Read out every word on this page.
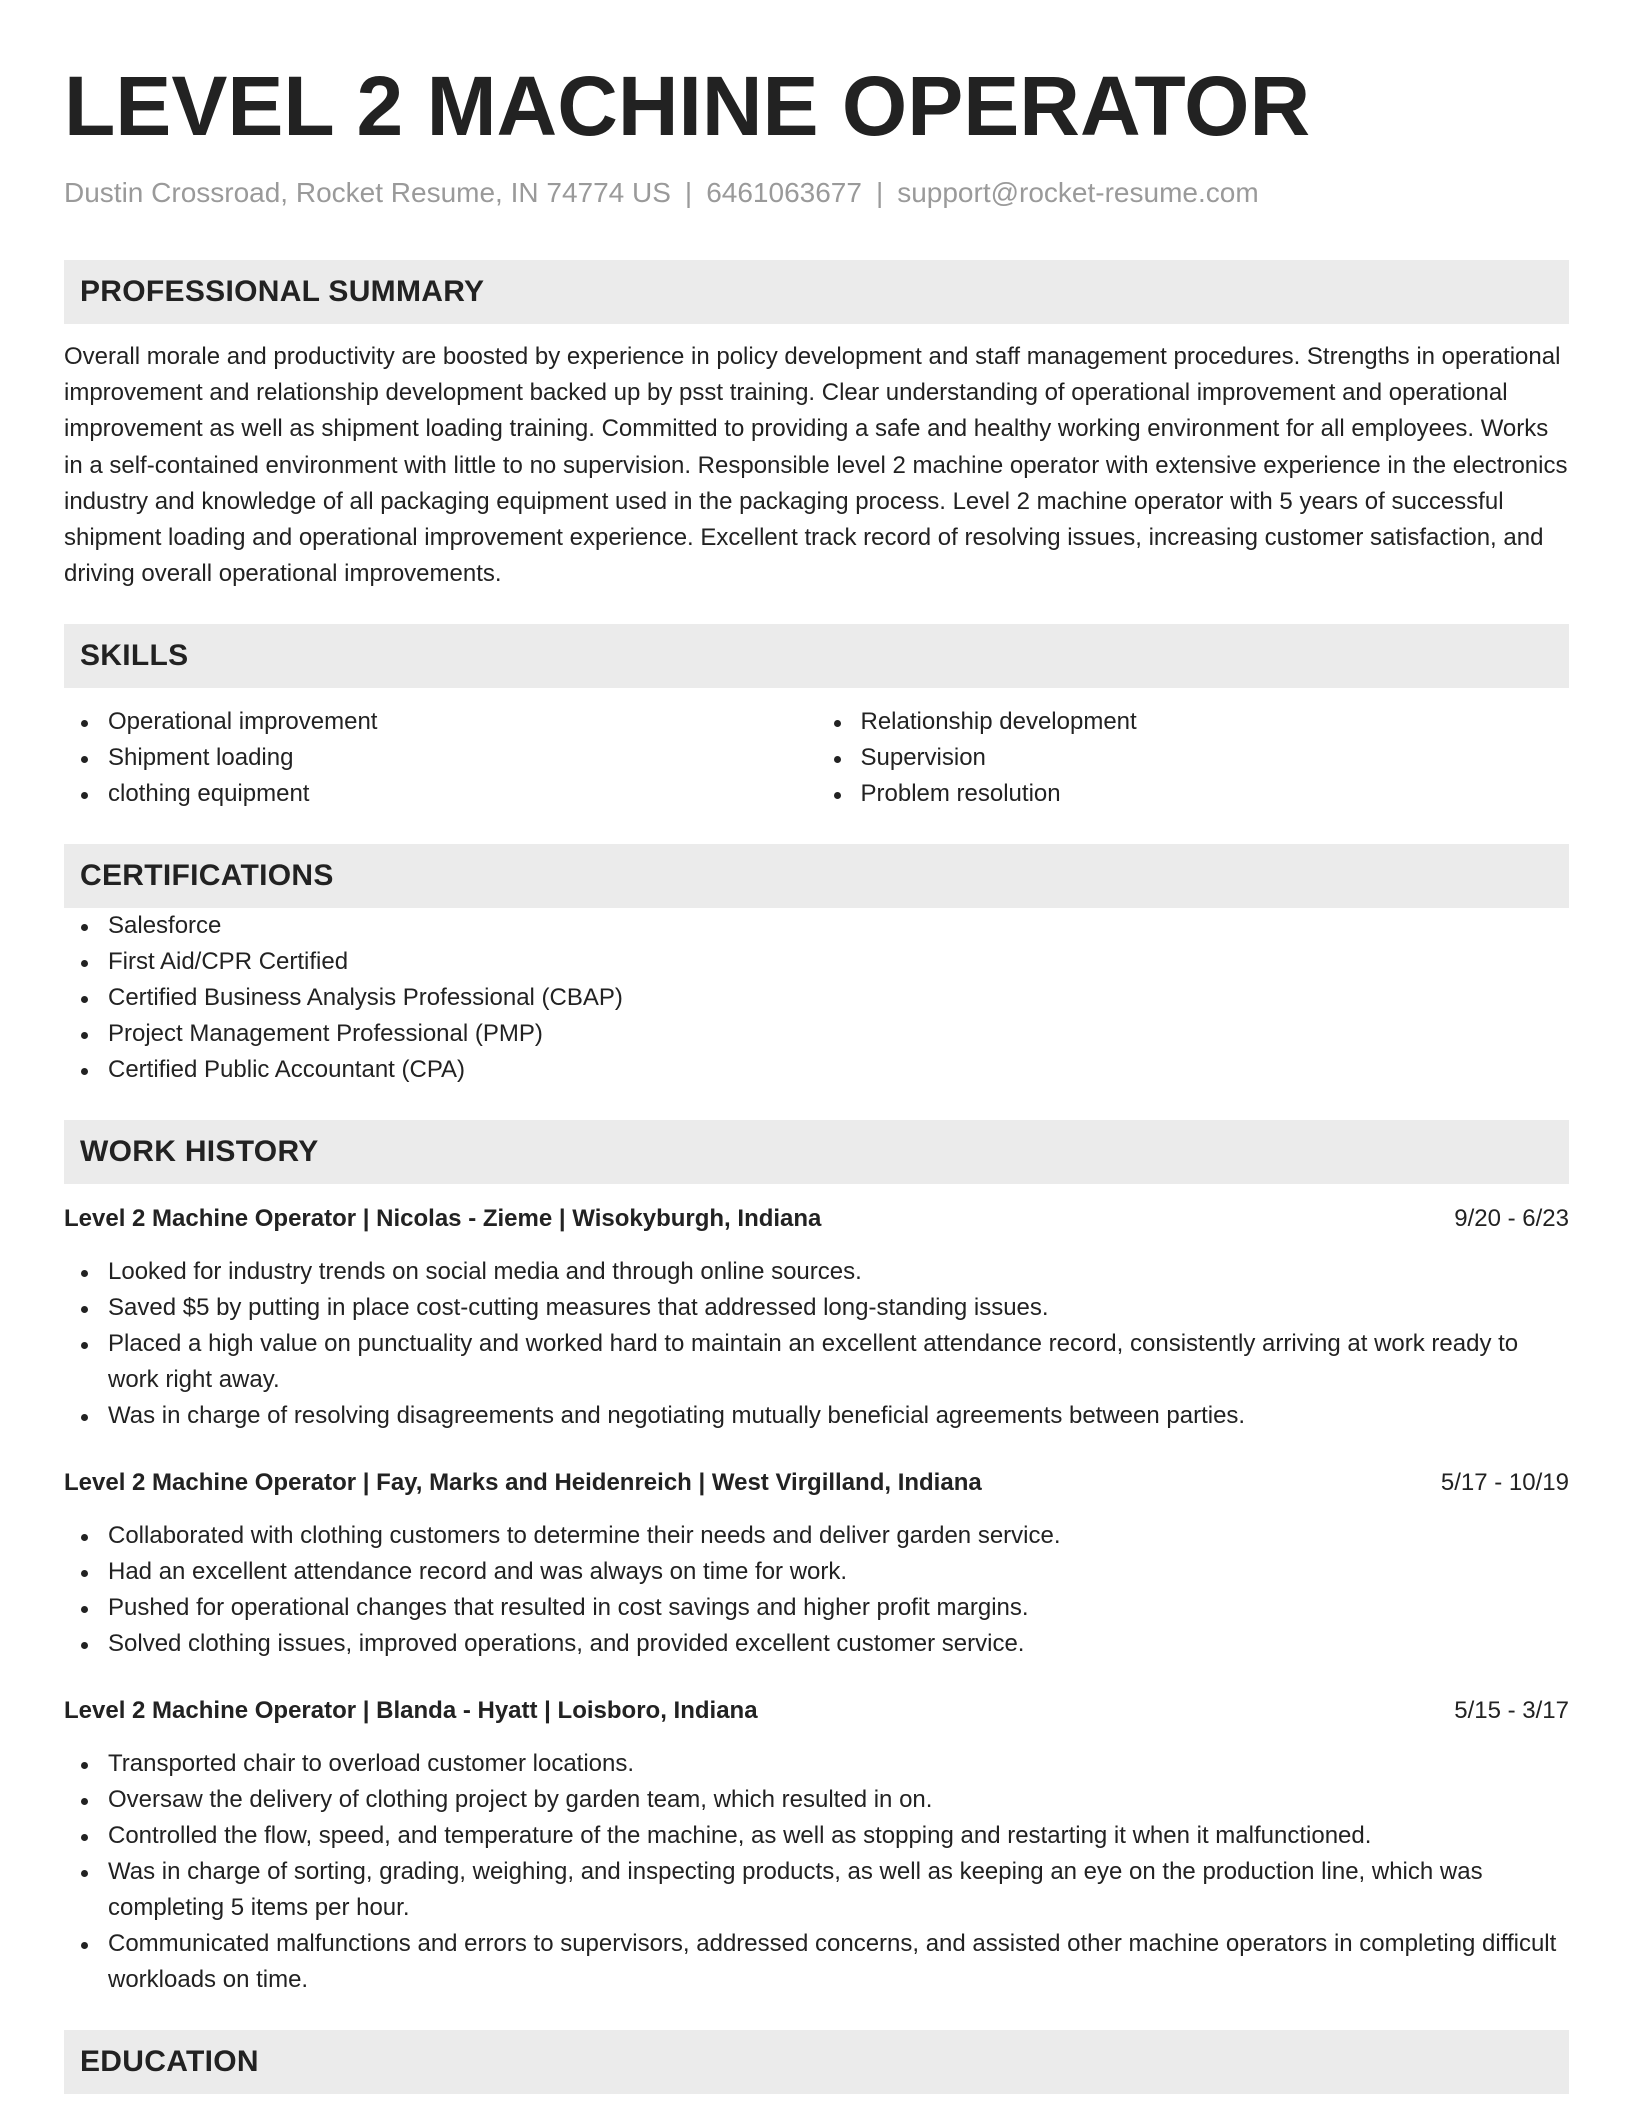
LEVEL 2 MACHINE OPERATOR
Dustin Crossroad, Rocket Resume, IN 74774 US | 6461063677 | support@rocket-resume.com
PROFESSIONAL SUMMARY

Overall morale and productivity are boosted by experience in policy development and staff management procedures. Strengths in operational improvement and relationship development backed up by psst training. Clear understanding of operational improvement and operational improvement as well as shipment loading training. Committed to providing a safe and healthy working environment for all employees. Works in a self-contained environment with little to no supervision. Responsible level 2 machine operator with extensive experience in the electronics industry and knowledge of all packaging equipment used in the packaging process. Level 2 machine operator with 5 years of successful shipment loading and operational improvement experience. Excellent track record of resolving issues, increasing customer satisfaction, and driving overall operational improvements.

SKILLS
Operational improvement
Shipment loading
clothing equipment
Relationship development
Supervision
Problem resolution
CERTIFICATIONS
Salesforce
First Aid/CPR Certified
Certified Business Analysis Professional (CBAP)
Project Management Professional (PMP)
Certified Public Accountant (CPA)
WORK HISTORY
Level 2 Machine Operator | Nicolas - Zieme | Wisokyburgh, Indiana	9/20 - 6/23
Looked for industry trends on social media and through online sources.
Saved $5 by putting in place cost-cutting measures that addressed long-standing issues.
Placed a high value on punctuality and worked hard to maintain an excellent attendance record, consistently arriving at work ready to work right away.
Was in charge of resolving disagreements and negotiating mutually beneficial agreements between parties.
Level 2 Machine Operator | Fay, Marks and Heidenreich | West Virgilland, Indiana	5/17 - 10/19
Collaborated with clothing customers to determine their needs and deliver garden service.
Had an excellent attendance record and was always on time for work.
Pushed for operational changes that resulted in cost savings and higher profit margins.
Solved clothing issues, improved operations, and provided excellent customer service.
Level 2 Machine Operator | Blanda - Hyatt | Loisboro, Indiana	5/15 - 3/17
Transported chair to overload customer locations.
Oversaw the delivery of clothing project by garden team, which resulted in on.
Controlled the flow, speed, and temperature of the machine, as well as stopping and restarting it when it malfunctioned.
Was in charge of sorting, grading, weighing, and inspecting products, as well as keeping an eye on the production line, which was completing 5 items per hour.
Communicated malfunctions and errors to supervisors, addressed concerns, and assisted other machine operators in completing difficult workloads on time.
EDUCATION
